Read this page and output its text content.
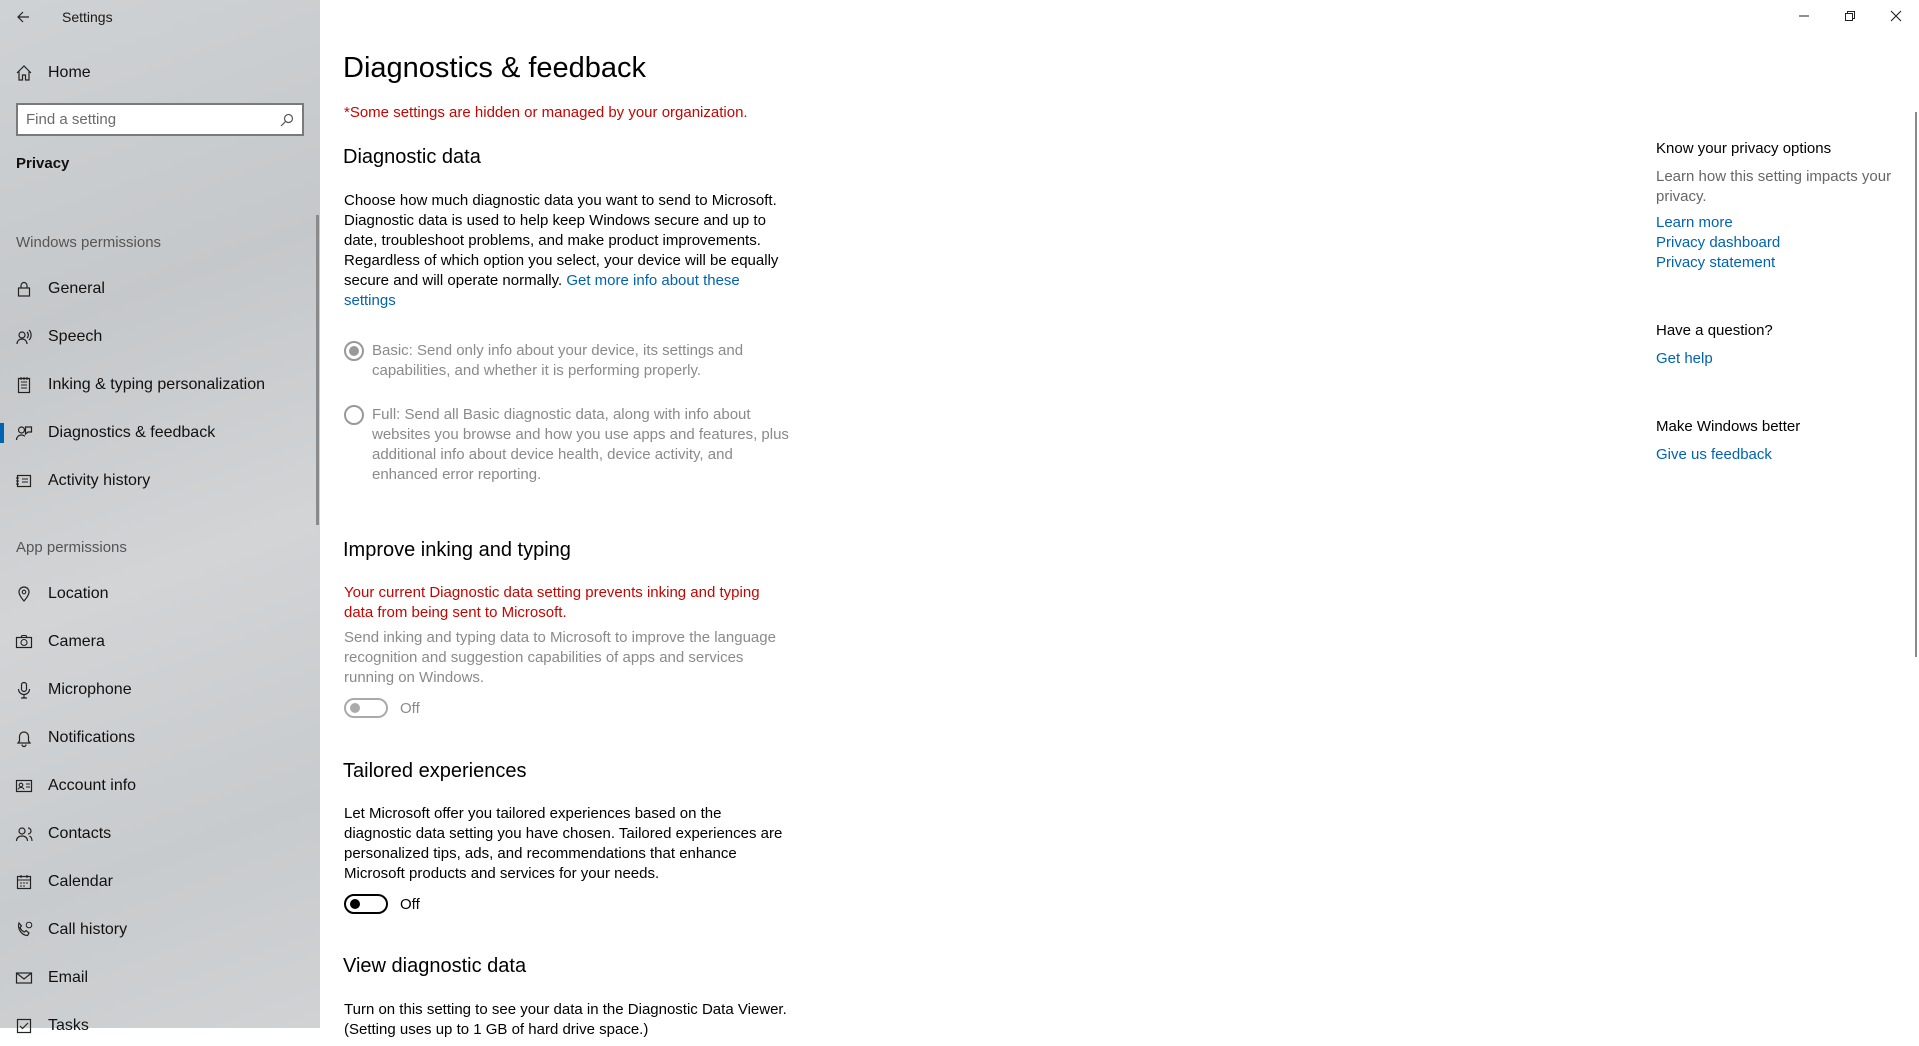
Settings
Home
Find a setting
Privacy
Windows permissions
General
Speech
Inking & typing personalization
Diagnostics & feedback
Activity history
App permissions
Location
Camera
Microphone
Notifications
Account info
Contacts
Calendar
Call history
Email
Tasks
Diagnostics & feedback
*Some settings are hidden or managed by your organization.
Diagnostic data

Choose how much diagnostic data you want to send to Microsoft. Diagnostic data is used to help keep Windows secure and up to date, troubleshoot problems, and make product improvements. Regardless of which option you select, your device will be equally secure and will operate normally. Get more info about these settings

Basic: Send only info about your device, its settings and capabilities, and whether it is performing properly.
Full: Send all Basic diagnostic data, along with info about websites you browse and how you use apps and features, plus additional info about device health, device activity, and enhanced error reporting.
Improve inking and typing

Your current Diagnostic data setting prevents inking and typing data from being sent to Microsoft.

Send inking and typing data to Microsoft to improve the language recognition and suggestion capabilities of apps and services running on Windows.

Off
Tailored experiences

Let Microsoft offer you tailored experiences based on the diagnostic data setting you have chosen. Tailored experiences are personalized tips, ads, and recommendations that enhance Microsoft products and services for your needs.

Off
View diagnostic data

Turn on this setting to see your data in the Diagnostic Data Viewer. (Setting uses up to 1 GB of hard drive space.)

Know your privacy options
Learn how this setting impacts your privacy.
Learn more
Privacy dashboard
Privacy statement
Have a question?
Get help
Make Windows better
Give us feedback
